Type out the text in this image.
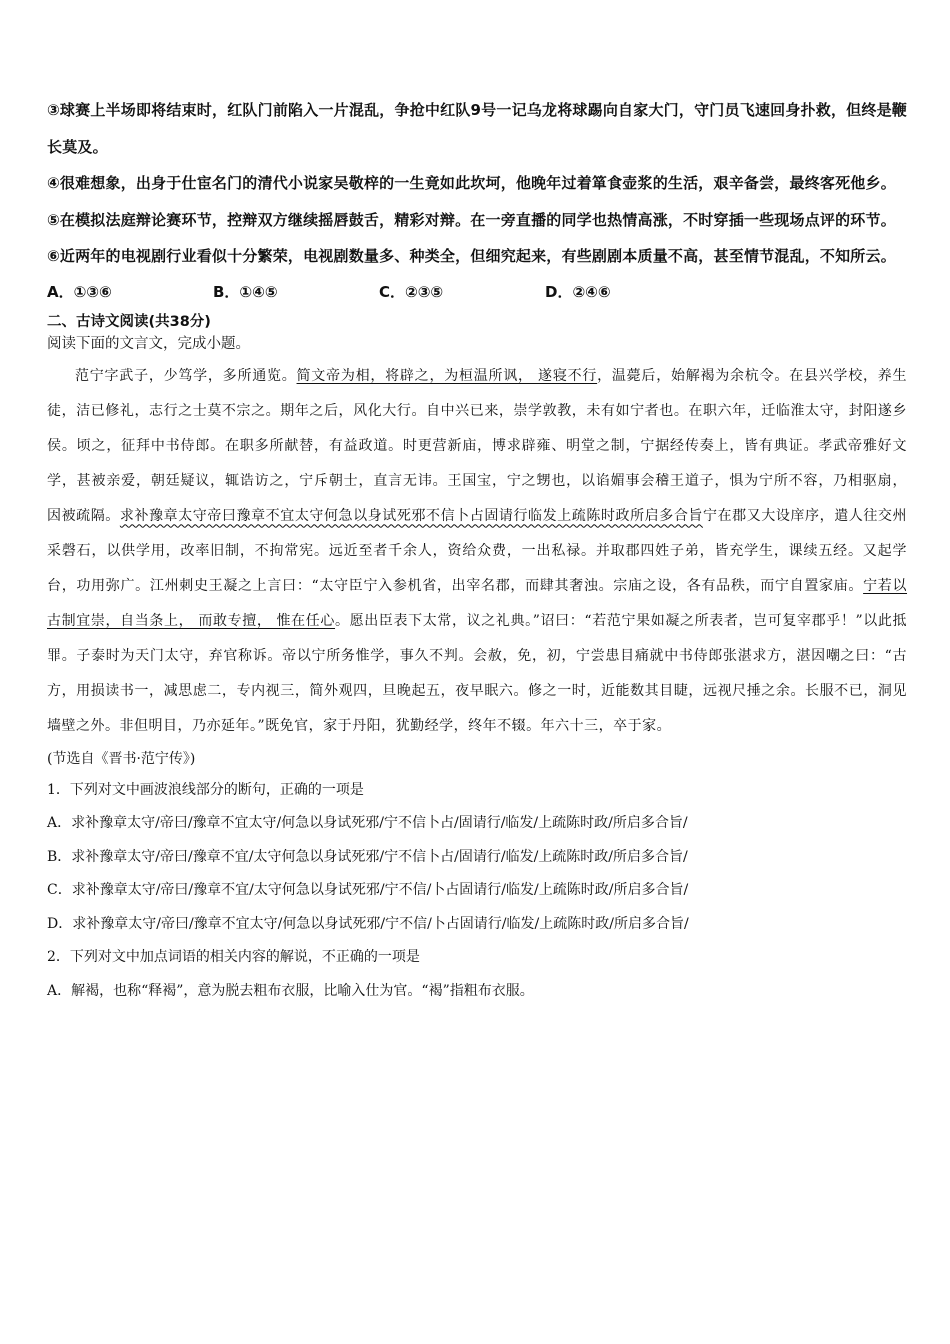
③球赛上半场即将结束时，红队门前陷入一片混乱，争抢中红队9号一记乌龙将球踢向自家大门，守门员飞速回身扑救，但终是鞭长莫及。

④很难想象，出身于仕宦名门的清代小说家吴敬梓的一生竟如此坎坷，他晚年过着箪食壶浆的生活，艰辛备尝，最终客死他乡。

⑤在模拟法庭辩论赛环节，控辩双方继续摇唇鼓舌，精彩对辩。在一旁直播的同学也热情高涨，不时穿插一些现场点评的环节。

⑥近两年的电视剧行业看似十分繁荣，电视剧数量多、种类全，但细究起来，有些剧剧本质量不高，甚至情节混乱，不知所云。

A．①③⑥	B．①④⑤	C．②③⑤	D．②④⑥

二、古诗文阅读(共38分)

阅读下面的文言文，完成小题。

范宁字武子，少笃学，多所通览。简文帝为相，将辟之，为桓温所讽， 遂寝不行，温薨后，始解褐为余杭令。在县兴学校，养生徒，洁已修礼，志行之士莫不宗之。期年之后，风化大行。自中兴已来，崇学敦教，未有如宁者也。在职六年，迁临淮太守，封阳遂乡侯。顷之，征拜中书侍郎。在职多所献替，有益政道。时更营新庙，博求辟雍、明堂之制，宁据经传奏上，皆有典证。孝武帝雅好文学，甚被亲爱，朝廷疑议，辄诰访之，宁斥朝士，直言无讳。王国宝，宁之甥也，以谄媚事会稽王道子，惧为宁所不容，乃相驱扇， 因被疏隔。求补豫章太守帝曰豫章不宜太守何急以身试死邪不信卜占固请行临发上疏陈时政所启多合旨宁在郡又大设庠序，遣人往交州采磬石，以供学用，改率旧制，不拘常宪。远近至者千余人，资给众费，一出私禄。并取郡四姓子弟，皆充学生，课续五经。又起学台，功用弥广。江州刺史王凝之上言曰：“太守臣宁入参机省，出宰名郡，而肆其奢浊。宗庙之设，各有品秩，而宁自置家庙。宁若以古制宜崇，自当条上， 而敢专擅， 惟在任心。愿出臣表下太常，议之礼典。”诏曰：“若范宁果如凝之所表者，岂可复宰郡乎！”以此抵罪。子泰时为天门太守，弃官称诉。帝以宁所务惟学，事久不判。会赦，免，初，宁尝患目痛就中书侍郎张湛求方，湛因嘲之曰：“古方，用损读书一，减思虑二，专内视三，简外观四，旦晚起五，夜早眠六。修之一时，近能数其目睫，远视尺捶之余。长服不已，洞见墙壁之外。非但明目，乃亦延年。”既免官，家于丹阳，犹勤经学，终年不辍。年六十三，卒于家。

(节选自《晋书·范宁传》)

1．下列对文中画波浪线部分的断句，正确的一项是

A．求补豫章太守/帝曰/豫章不宜太守/何急以身试死邪/宁不信卜占/固请行/临发/上疏陈时政/所启多合旨/

B．求补豫章太守/帝曰/豫章不宜/太守何急以身试死邪/宁不信卜占/固请行/临发/上疏陈时政/所启多合旨/

C．求补豫章太守/帝曰/豫章不宜/太守何急以身试死邪/宁不信/卜占固请行/临发/上疏陈时政/所启多合旨/

D．求补豫章太守/帝曰/豫章不宜太守/何急以身试死邪/宁不信/卜占固请行/临发/上疏陈时政/所启多合旨/

2．下列对文中加点词语的相关内容的解说，不正确的一项是

A．解褐，也称“释褐”，意为脱去粗布衣服，比喻入仕为官。“褐”指粗布衣服。
